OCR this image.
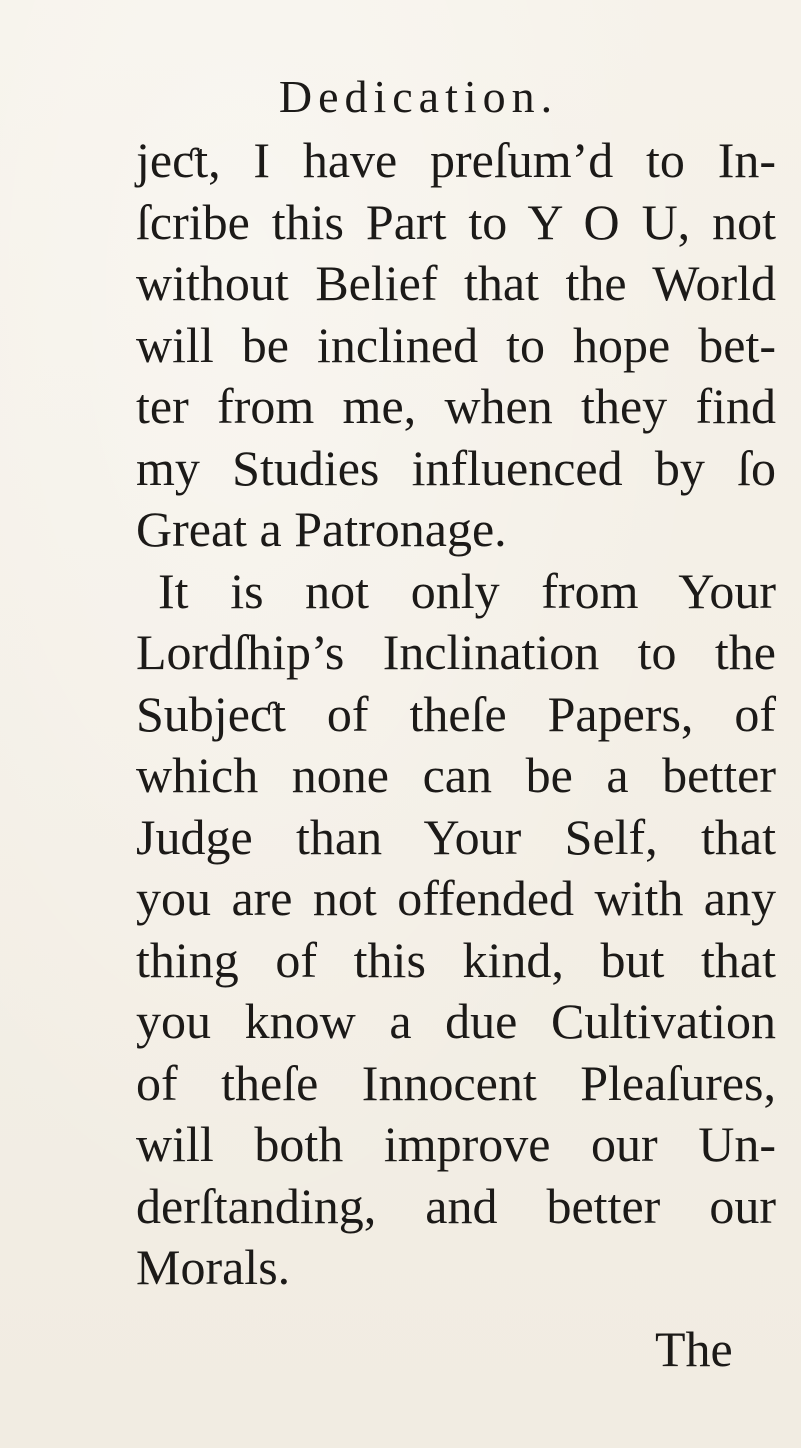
Dedication.
jeƈt, I have preſum’d to In-
ſcribe this Part to Y O U, not
without Belief that the World
will be inclined to hope bet-
ter from me, when they find
my Studies influenced by ſo
Great a Patronage.
It is not only from Your
Lordſhip’s Inclination to the
Subjeƈt of theſe Papers, of
which none can be a better
Judge than Your Self, that
you are not offended with any
thing of this kind, but that
you know a due Cultivation
of theſe Innocent Pleaſures,
will both improve our Un-
derſtanding, and better our
Morals.
The
